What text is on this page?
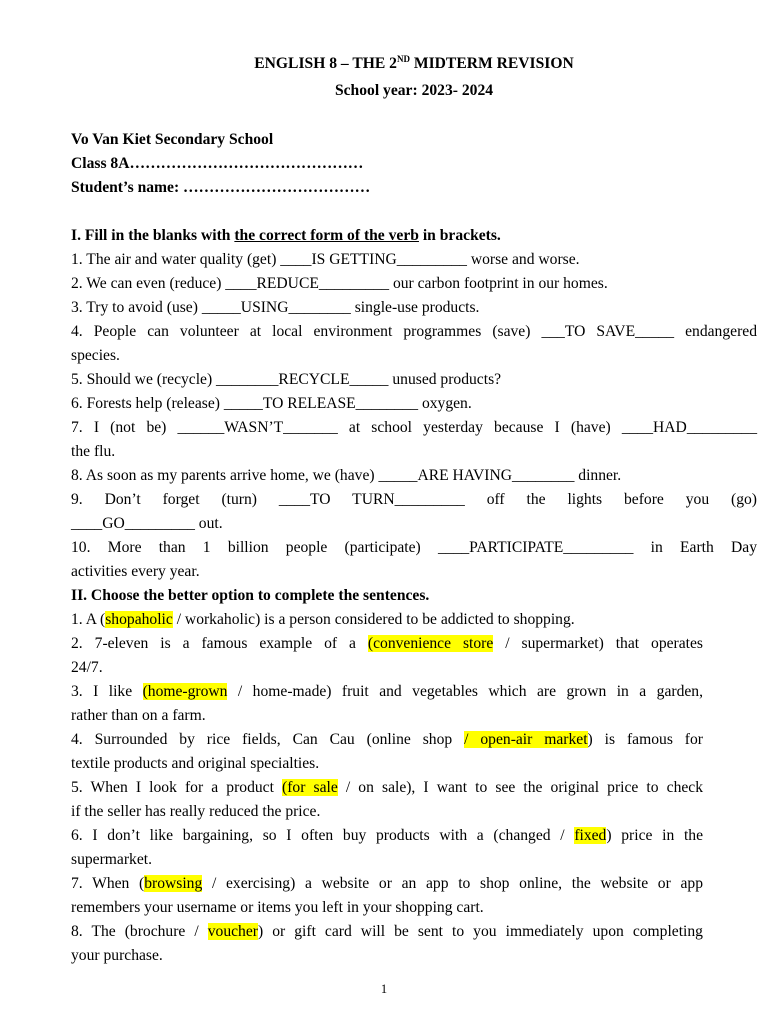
ENGLISH 8 – THE 2ND MIDTERM REVISION
School year: 2023- 2024
Vo Van Kiet Secondary School
Class 8A………………………………………
Student’s name: ………………………………
I. Fill in the blanks with the correct form of the verb in brackets.
1. The air and water quality (get) ____IS GETTING_________ worse and worse.
2. We can even (reduce) ____REDUCE_________ our carbon footprint in our homes.
3. Try to avoid (use) _____USING________ single-use products.
4. People can volunteer at local environment programmes (save) ___TO SAVE_____ endangered
species.
5. Should we (recycle) ________RECYCLE_____ unused products?
6. Forests help (release) _____TO RELEASE________ oxygen.
7. I (not be) ______WASN’T_______ at school yesterday because I (have) ____HAD_________
the flu.
8. As soon as my parents arrive home, we (have) _____ARE HAVING________ dinner.
9. Don’t forget (turn) ____TO TURN_________ off the lights before you (go)
____GO_________ out.
10. More than 1 billion people (participate) ____PARTICIPATE_________ in Earth Day
activities every year.
II. Choose the better option to complete the sentences.
1. A (shopaholic / workaholic) is a person considered to be addicted to shopping.
2. 7-eleven is a famous example of a (convenience store / supermarket) that operates
24/7.
3. I like (home-grown / home-made) fruit and vegetables which are grown in a garden,
rather than on a farm.
4. Surrounded by rice fields, Can Cau (online shop / open-air market) is famous for
textile products and original specialties.
5. When I look for a product (for sale / on sale), I want to see the original price to check
if the seller has really reduced the price.
6. I don’t like bargaining, so I often buy products with a (changed / fixed) price in the
supermarket.
7. When (browsing / exercising) a website or an app to shop online, the website or app
remembers your username or items you left in your shopping cart.
8. The (brochure / voucher) or gift card will be sent to you immediately upon completing
your purchase.
1
